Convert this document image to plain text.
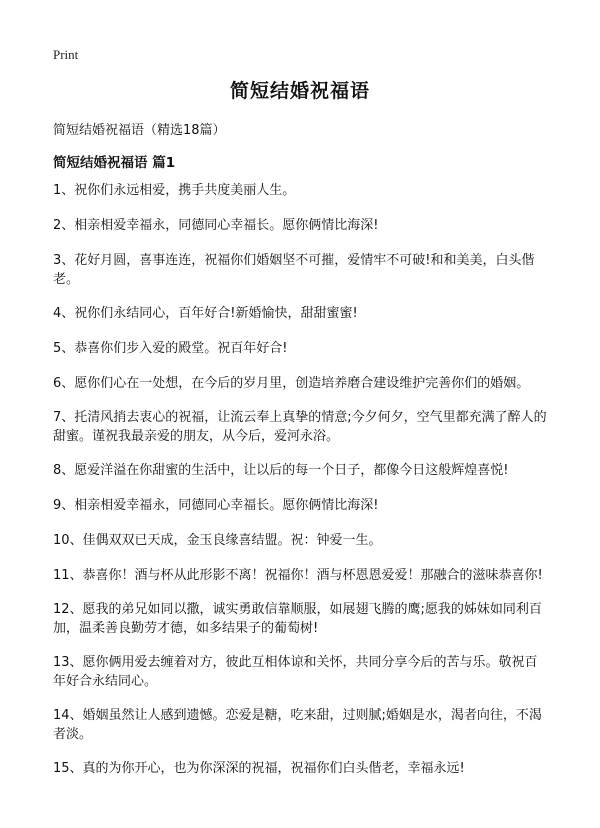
Print
简短结婚祝福语
简短结婚祝福语（精选18篇）
简短结婚祝福语 篇1
1、祝你们永远相爱，携手共度美丽人生。
2、相亲相爱幸福永，同德同心幸福长。愿你俩情比海深!
3、花好月圆，喜事连连，祝福你们婚姻坚不可摧，爱情牢不可破!和和美美，白头偕老。
4、祝你们永结同心，百年好合!新婚愉快，甜甜蜜蜜!
5、恭喜你们步入爱的殿堂。祝百年好合!
6、愿你们心在一处想，在今后的岁月里，创造培养磨合建设维护完善你们的婚姻。
7、托清风捎去衷心的祝福，让流云奉上真挚的情意;今夕何夕，空气里都充满了醉人的甜蜜。谨祝我最亲爱的朋友，从今后，爱河永浴。
8、愿爱洋溢在你甜蜜的生活中，让以后的每一个日子，都像今日这般辉煌喜悦!
9、相亲相爱幸福永，同德同心幸福长。愿你俩情比海深!
10、佳偶双双已天成，金玉良缘喜结盟。祝：钟爱一生。
11、恭喜你！酒与杯从此形影不离！祝福你！酒与杯恩恩爱爱！那融合的滋味恭喜你!
12、愿我的弟兄如同以撒，诚实勇敢信靠顺服，如展翅飞腾的鹰;愿我的姊妹如同利百加，温柔善良勤劳才德，如多结果子的葡萄树!
13、愿你俩用爱去缠着对方，彼此互相体谅和关怀，共同分享今后的苦与乐。敬祝百年好合永结同心。
14、婚姻虽然让人感到遗憾。恋爱是糖，吃来甜，过则腻;婚姻是水，渴者向往，不渴者淡。
15、真的为你开心，也为你深深的祝福，祝福你们白头偕老，幸福永远!
